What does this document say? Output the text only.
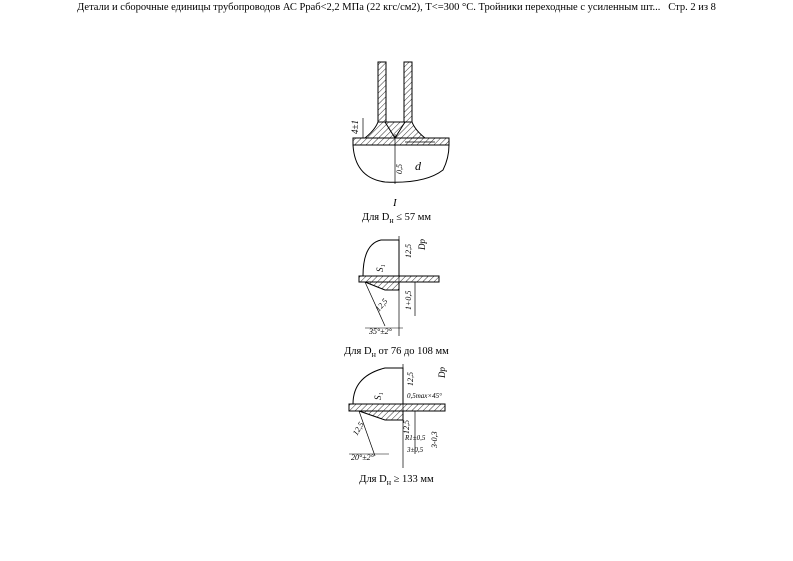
Детали и сборочные единицы трубопроводов АС Рраб<2,2 МПа (22 кгс/см2), Т<=300 °С. Тройники переходные с усиленным шт... Стр. 2 из 8
4±1
0,5 d
I
Для $D_н \le 57$ мм
S₁
12,5 Dp
1+0,5
12,5
35°±2°
Для $D_н$ от 76 до 108 мм
12,5
0,5max×45°
Dp
S₁
12,5	12,5
R1±0,5
3±0,5
3-0,3
20°±2°
Для $D_н \ge 133$ мм
